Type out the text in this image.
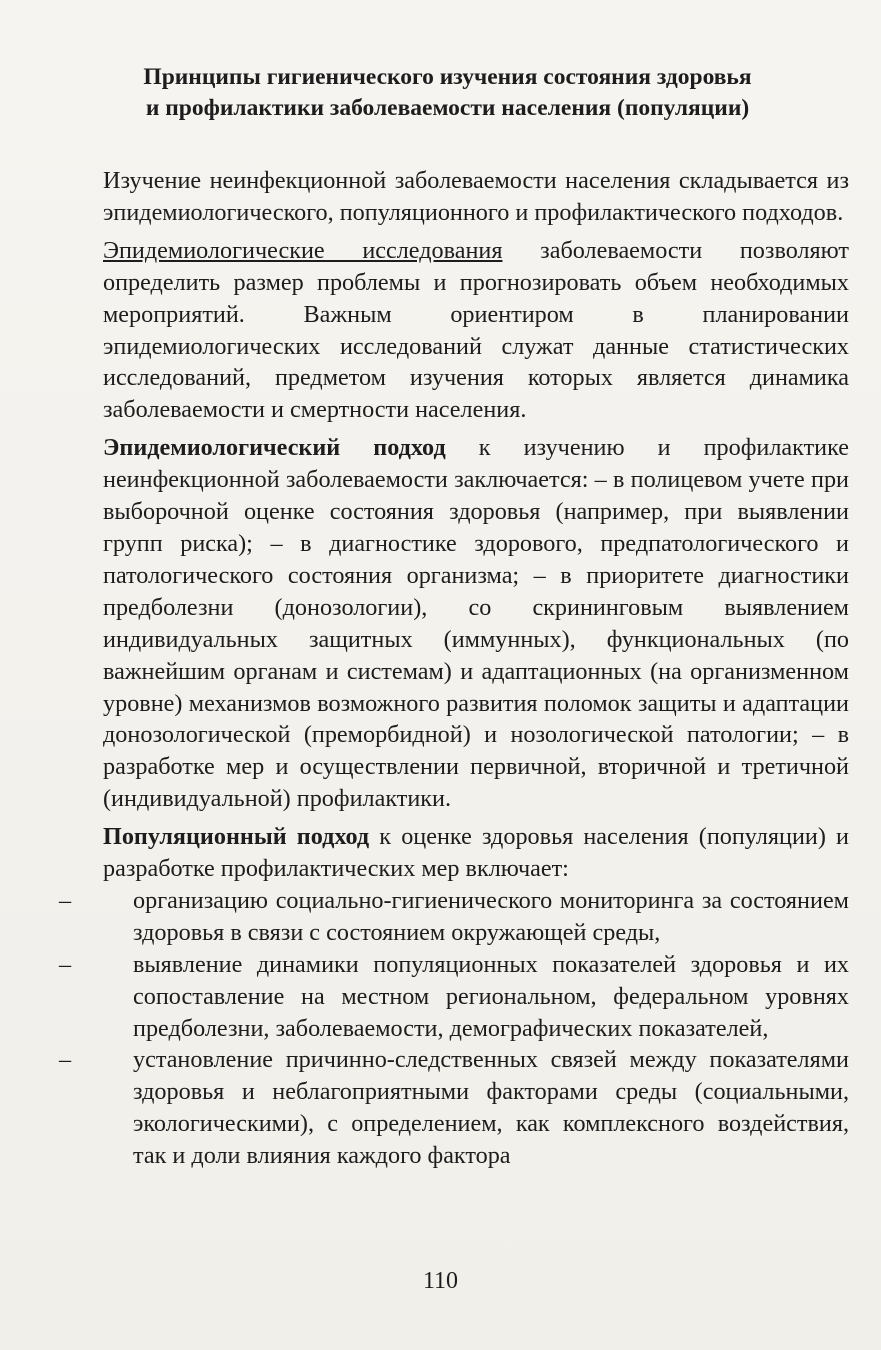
Принципы гигиенического изучения состояния здоровья
и профилактики заболеваемости населения (популяции)

Изучение неинфекционной заболеваемости населения складывается из эпидемиологического, популяционного и профилактического подходов.

Эпидемиологические исследования заболеваемости позволяют определить размер проблемы и прогнозировать объем необходимых мероприятий. Важным ориентиром в планировании эпидемиологических исследований служат данные статистических исследований, предметом изучения которых является динамика заболеваемости и смертности населения.

Эпидемиологический подход к изучению и профилактике неинфекционной заболеваемости заключается: – в полицевом учете при выборочной оценке состояния здоровья (например, при выявлении групп риска); – в диагностике здорового, предпатологического и патологического состояния организма; – в приоритете диагностики предболезни (донозологии), со скрининговым выявлением индивидуальных защитных (иммунных), функциональных (по важнейшим органам и системам) и адаптационных (на организменном уровне) механизмов возможного развития поломок защиты и адаптации донозологической (преморбидной) и нозологической патологии; – в разработке мер и осуществлении первичной, вторичной и третичной (индивидуальной) профилактики.

Популяционный подход к оценке здоровья населения (популяции) и разработке профилактических мер включает:

–	организацию социально-гигиенического мониторинга за состоянием здоровья в связи с состоянием окружающей среды,
–	выявление динамики популяционных показателей здоровья и их сопоставление на местном региональном, федеральном уровнях предболезни, заболеваемости, демографических показателей,
–	установление причинно-следственных связей между показателями здоровья и неблагоприятными факторами среды (социальными, экологическими), с определением, как комплексного воздействия, так и доли влияния каждого фактора
110
